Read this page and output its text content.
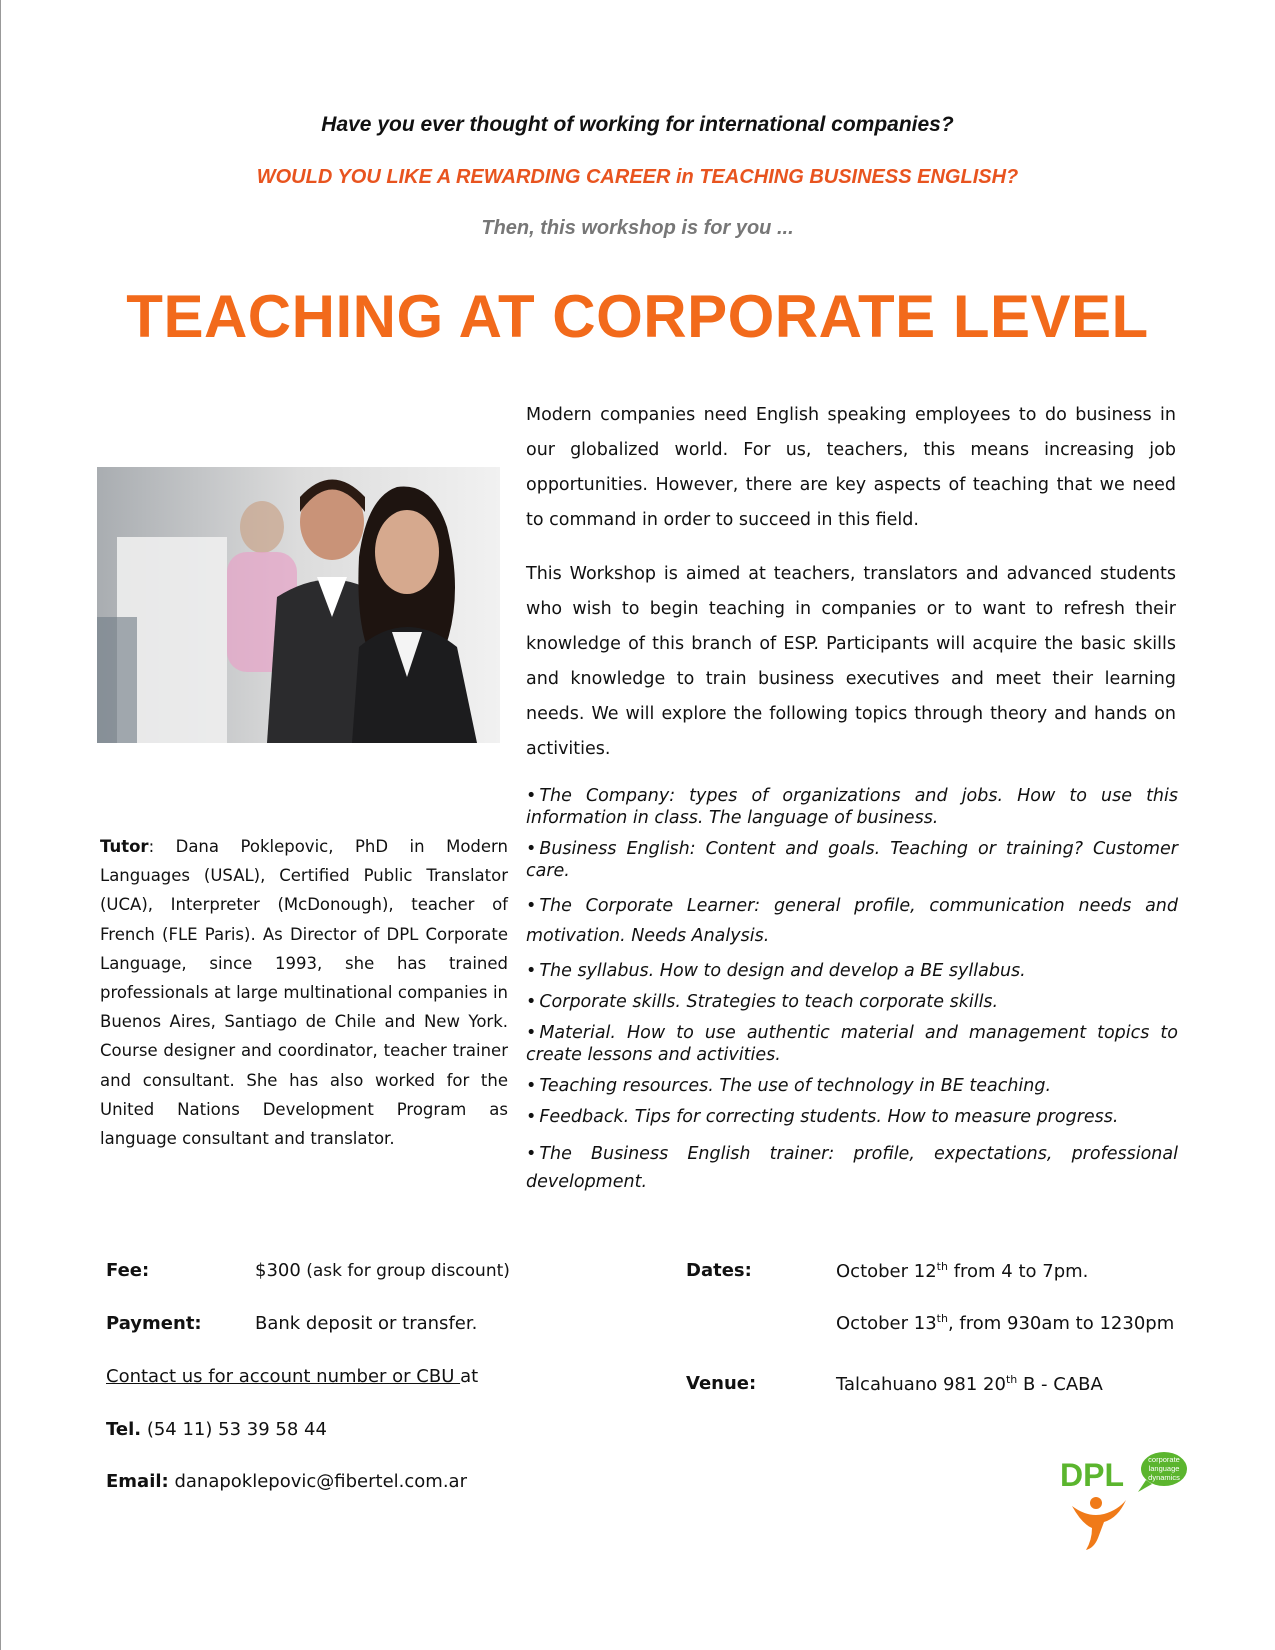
Have you ever thought of working for international companies?
WOULD YOU LIKE A REWARDING CAREER in TEACHING BUSINESS ENGLISH?
Then, this workshop is for you ...
TEACHING AT CORPORATE LEVEL
Modern companies need English speaking employees to do business in our globalized world. For us, teachers, this means increasing job opportunities. However, there are key aspects of teaching that we need to command in order to succeed in this field.
This Workshop is aimed at teachers, translators and advanced students who wish to begin teaching in companies or to want to refresh their knowledge of this branch of ESP. Participants will acquire the basic skills and knowledge to train business executives and meet their learning needs. We will explore the following topics through theory and hands on activities.
Tutor: Dana Poklepovic, PhD in Modern Languages (USAL), Certified Public Translator (UCA), Interpreter (McDonough), teacher of French (FLE Paris). As Director of DPL Corporate Language, since 1993, she has trained professionals at large multinational companies in Buenos Aires, Santiago de Chile and New York. Course designer and coordinator, teacher trainer and consultant. She has also worked for the United Nations Development Program as language consultant and translator.
• The Company: types of organizations and jobs. How to use this information in class. The language of business.
• Business English: Content and goals. Teaching or training? Customer care.
• The Corporate Learner: general profile, communication needs and motivation. Needs Analysis.
• The syllabus. How to design and develop a BE syllabus.
• Corporate skills. Strategies to teach corporate skills.
• Material. How to use authentic material and management topics to create lessons and activities.
• Teaching resources. The use of technology in BE teaching.
• Feedback. Tips for correcting students. How to measure progress.
• The Business English trainer: profile, expectations, professional development.
Fee:	$300 (ask for group discount)
Payment:	Bank deposit or transfer.
Contact us for account number or CBU at
Tel. (54 11) 53 39 58 44
Email: danapoklepovic@fibertel.com.ar
Dates:	October 12th from 4 to 7pm.
October 13th, from 930am to 1230pm
Venue:	Talcahuano 981 20th B - CABA
corporate
language
dynamics
DPL
